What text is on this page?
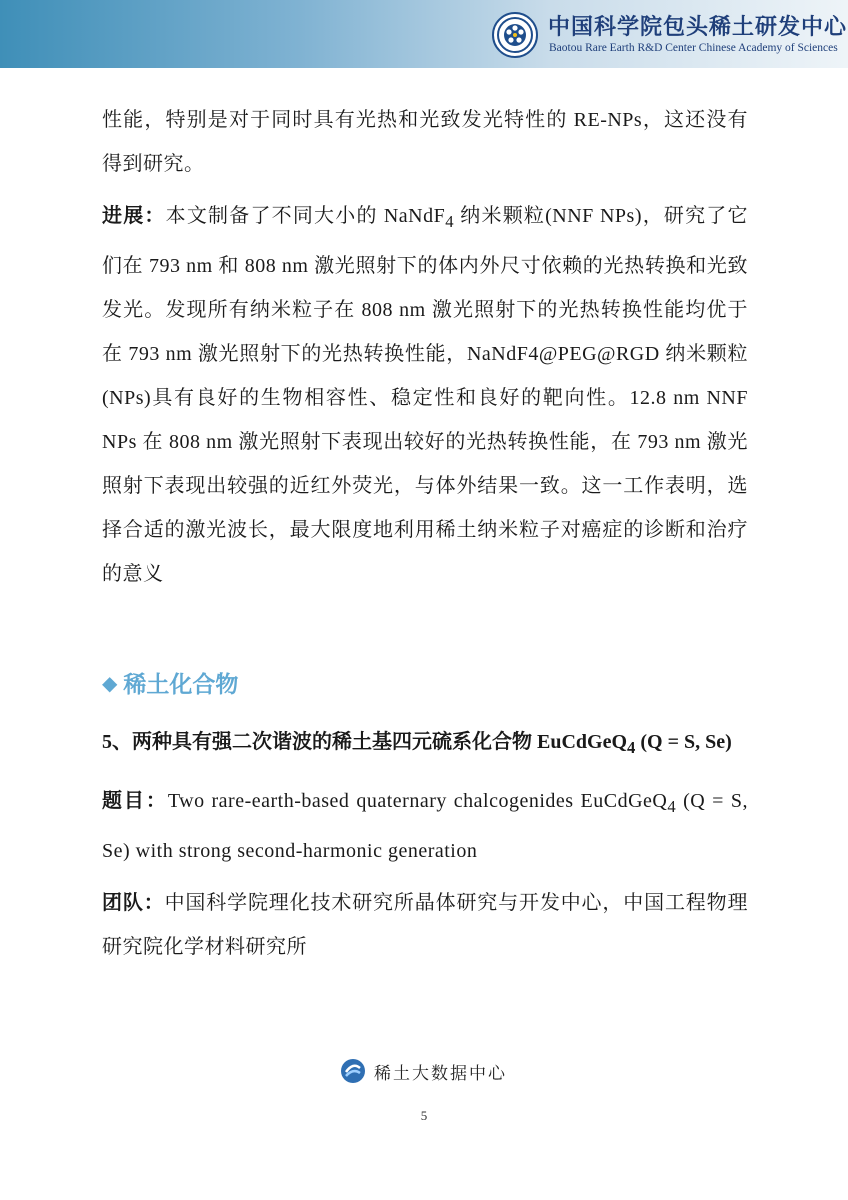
中国科学院包头稀土研发中心
Baotou Rare Earth R&D Center Chinese Academy of Sciences

性能，特别是对于同时具有光热和光致发光特性的 RE-NPs，这还没有得到研究。

进展：本文制备了不同大小的 NaNdF$_4$ 纳米颗粒(NNF NPs)，研究了它们在 793 nm 和 808 nm 激光照射下的体内外尺寸依赖的光热转换和光致发光。发现所有纳米粒子在 808 nm 激光照射下的光热转换性能均优于在 793 nm 激光照射下的光热转换性能，NaNdF4@PEG@RGD 纳米颗粒(NPs)具有良好的生物相容性、稳定性和良好的靶向性。12.8 nm NNF NPs 在 808 nm 激光照射下表现出较好的光热转换性能，在 793 nm 激光照射下表现出较强的近红外荧光，与体外结果一致。这一工作表明，选择合适的激光波长，最大限度地利用稀土纳米粒子对癌症的诊断和治疗的意义

◆ 稀土化合物
5、两种具有强二次谐波的稀土基四元硫系化合物 EuCdGeQ$_4$ (Q = S, Se)

题目：Two rare-earth-based quaternary chalcogenides EuCdGeQ$_4$ (Q = S, Se) with strong second-harmonic generation

团队：中国科学院理化技术研究所晶体研究与开发中心，中国工程物理研究院化学材料研究所

稀土大数据中心
5
